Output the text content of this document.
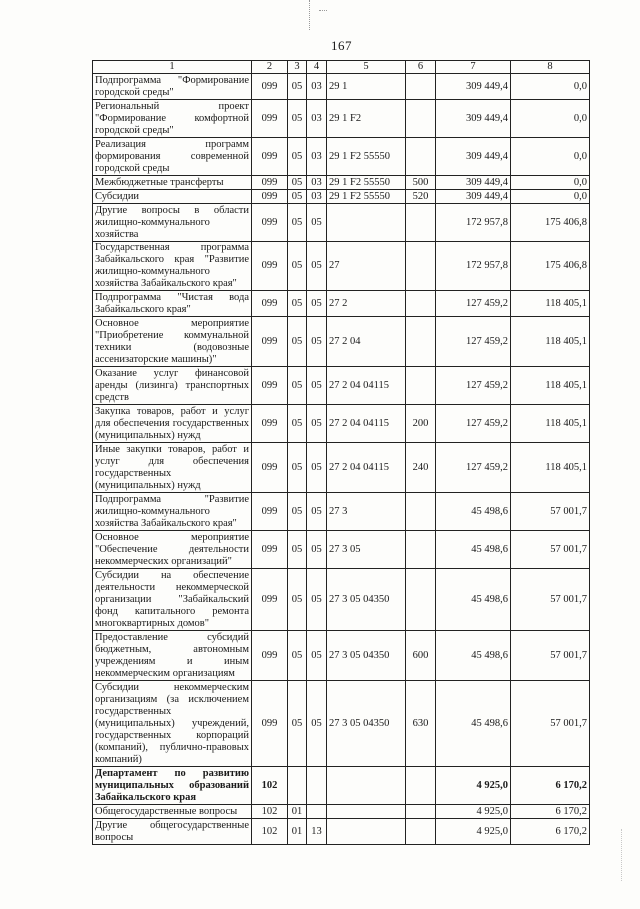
167
1	2	3	4	5	6	7	8
Подпрограмма "Формирование городской среды"	099	05	03	29 1		309 449,4	0,0
Региональный проект "Формирование комфортной городской среды"	099	05	03	29 1 F2		309 449,4	0,0
Реализация программ формирования современной городской среды	099	05	03	29 1 F2 55550		309 449,4	0,0
Межбюджетные трансферты	099	05	03	29 1 F2 55550	500	309 449,4	0,0
Субсидии	099	05	03	29 1 F2 55550	520	309 449,4	0,0
Другие вопросы в области жилищно-коммунального хозяйства	099	05	05			172 957,8	175 406,8
Государственная программа Забайкальского края "Развитие жилищно-коммунального хозяйства Забайкальского края"	099	05	05	27		172 957,8	175 406,8
Подпрограмма "Чистая вода Забайкальского края"	099	05	05	27 2		127 459,2	118 405,1
Основное мероприятие "Приобретение коммунальной техники (водовозные ассенизаторские машины)"	099	05	05	27 2 04		127 459,2	118 405,1
Оказание услуг финансовой аренды (лизинга) транспортных средств	099	05	05	27 2 04 04115		127 459,2	118 405,1
Закупка товаров, работ и услуг для обеспечения государственных (муниципальных) нужд	099	05	05	27 2 04 04115	200	127 459,2	118 405,1
Иные закупки товаров, работ и услуг для обеспечения государственных (муниципальных) нужд	099	05	05	27 2 04 04115	240	127 459,2	118 405,1
Подпрограмма "Развитие жилищно-коммунального хозяйства Забайкальского края"	099	05	05	27 3		45 498,6	57 001,7
Основное мероприятие "Обеспечение деятельности некоммерческих организаций"	099	05	05	27 3 05		45 498,6	57 001,7
Субсидии на обеспечение деятельности некоммерческой организации "Забайкальский фонд капитального ремонта многоквартирных домов"	099	05	05	27 3 05 04350		45 498,6	57 001,7
Предоставление субсидий бюджетным, автономным учреждениям и иным некоммерческим организациям	099	05	05	27 3 05 04350	600	45 498,6	57 001,7
Субсидии некоммерческим организациям (за исключением государственных (муниципальных) учреждений, государственных корпораций (компаний), публично-правовых компаний)	099	05	05	27 3 05 04350	630	45 498,6	57 001,7
Департамент по развитию муниципальных образований Забайкальского края	102					4 925,0	6 170,2
Общегосударственные вопросы	102	01				4 925,0	6 170,2
Другие общегосударственные вопросы	102	01	13			4 925,0	6 170,2
